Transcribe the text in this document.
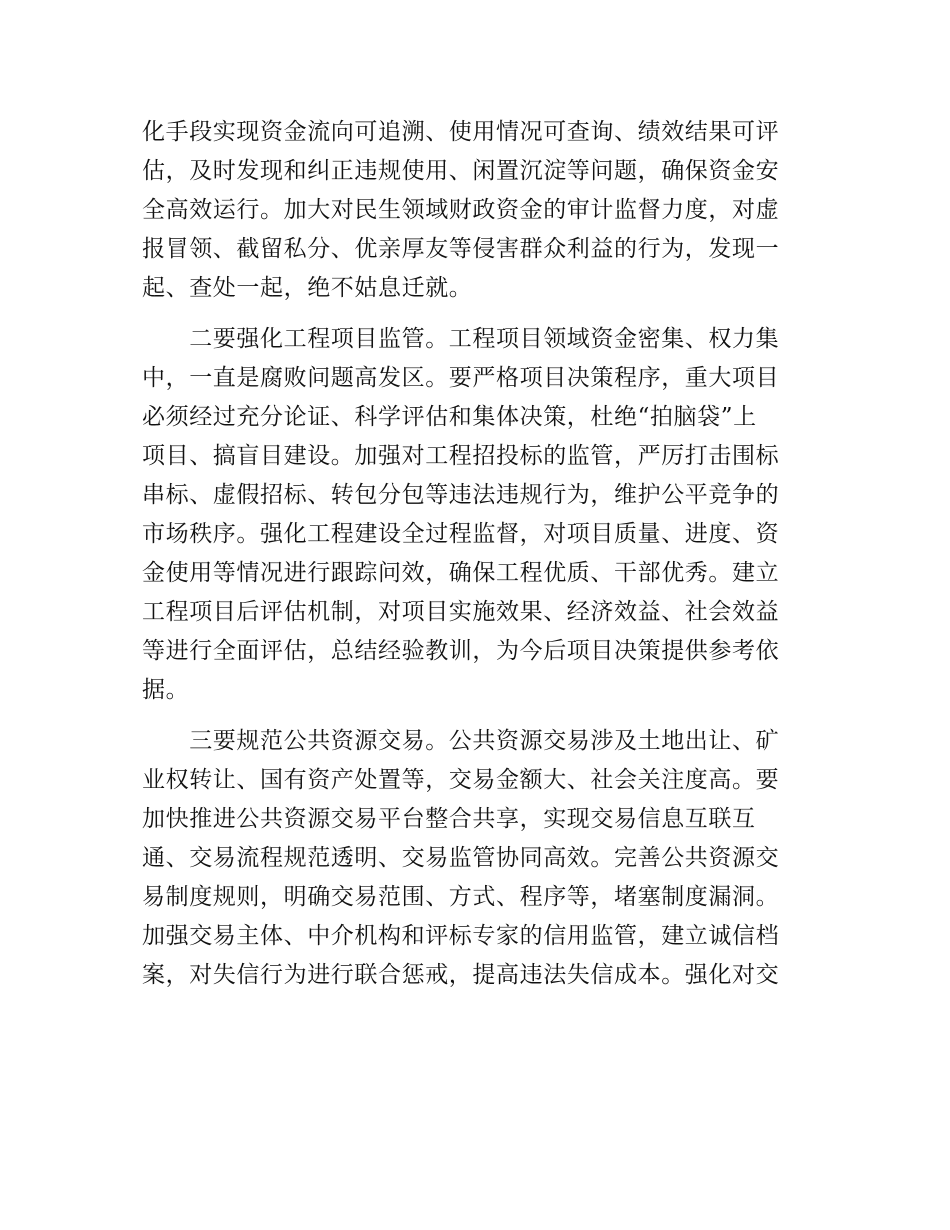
化手段实现资金流向可追溯、使用情况可查询、绩效结果可评
估，及时发现和纠正违规使用、闲置沉淀等问题，确保资金安
全高效运行。加大对民生领域财政资金的审计监督力度，对虚
报冒领、截留私分、优亲厚友等侵害群众利益的行为，发现一
起、查处一起，绝不姑息迁就。
　　二要强化工程项目监管。工程项目领域资金密集、权力集
中，一直是腐败问题高发区。要严格项目决策程序，重大项目
必须经过充分论证、科学评估和集体决策，杜绝“拍脑袋”上
项目、搞盲目建设。加强对工程招投标的监管，严厉打击围标
串标、虚假招标、转包分包等违法违规行为，维护公平竞争的
市场秩序。强化工程建设全过程监督，对项目质量、进度、资
金使用等情况进行跟踪问效，确保工程优质、干部优秀。建立
工程项目后评估机制，对项目实施效果、经济效益、社会效益
等进行全面评估，总结经验教训，为今后项目决策提供参考依
据。
　　三要规范公共资源交易。公共资源交易涉及土地出让、矿
业权转让、国有资产处置等，交易金额大、社会关注度高。要
加快推进公共资源交易平台整合共享，实现交易信息互联互
通、交易流程规范透明、交易监管协同高效。完善公共资源交
易制度规则，明确交易范围、方式、程序等，堵塞制度漏洞。
加强交易主体、中介机构和评标专家的信用监管，建立诚信档
案，对失信行为进行联合惩戒，提高违法失信成本。强化对交
